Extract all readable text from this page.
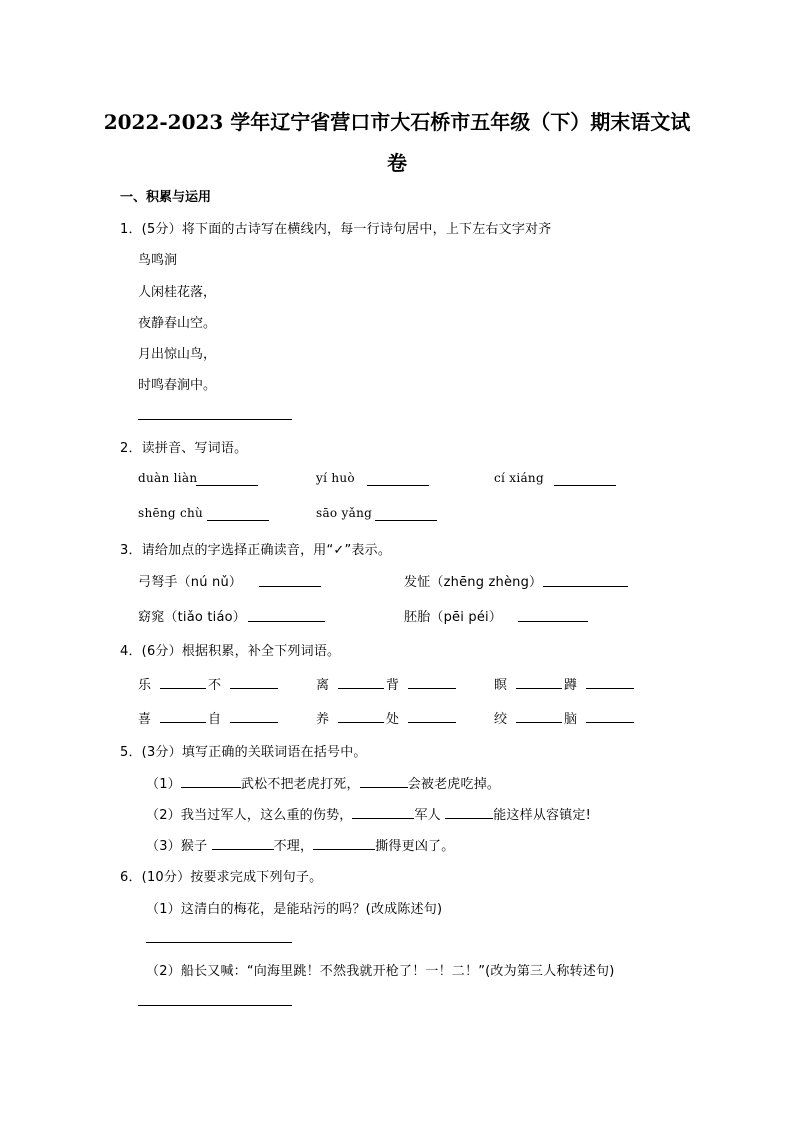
2022-2023 学年辽宁省营口市大石桥市五年级（下）期末语文试
卷
一、积累与运用
1．(5分）将下面的古诗写在横线内，每一行诗句居中，上下左右文字对齐
鸟鸣涧
人闲桂花落，
夜静春山空。
月出惊山鸟，
时鸣春涧中。
2．读拼音、写词语。
duàn liàn	yí huò	cí xiáng
shēng chù	sāo yǎng
3．请给加点的字选择正确读音，用“✓”表示。
弓弩手（nú nǔ）	发怔（zhēng zhèng）
窈窕（tiǎo tiáo）	胚胎（pēi péi）
4．(6分）根据积累，补全下列词语。
乐	不	离	背	瞑	蹲
喜	自	养	处	绞	脑
5．(3分）填写正确的关联词语在括号中。
（1）	武松不把老虎打死，	会被老虎吃掉。
（2）我当过军人，这么重的伤势，	军人	能这样从容镇定!
（3）猴子	不理，	撕得更凶了。
6．(10分）按要求完成下列句子。
（1）这清白的梅花，是能玷污的吗？(改成陈述句)
（2）船长又喊：“向海里跳！不然我就开枪了！一！二！”(改为第三人称转述句)
